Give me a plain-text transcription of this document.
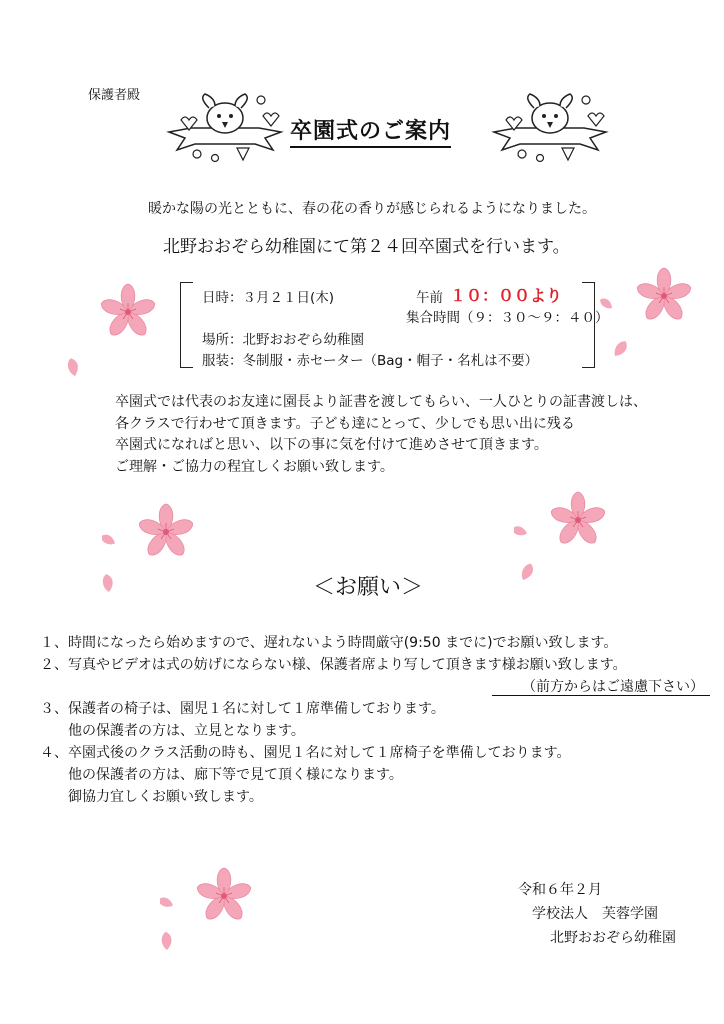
保護者殿
卒園式のご案内
暖かな陽の光とともに、春の花の香りが感じられるようになりました。
北野おおぞら幼稚園にて第２４回卒園式を行います。
日時：３月２１日(木)	午前 １０：００より
集合時間（９：３０〜９：４０）
場所：北野おおぞら幼稚園
服装：冬制服・赤セーター（Bag・帽子・名札は不要）
卒園式では代表のお友達に園長より証書を渡してもらい、一人ひとりの証書渡しは、
各クラスで行わせて頂きます。子ども達にとって、少しでも思い出に残る
卒園式になればと思い、以下の事に気を付けて進めさせて頂きます。
ご理解・ご協力の程宜しくお願い致します。
＜お願い＞
１、時間になったら始めますので、遅れないよう時間厳守(9:50 までに)でお願い致します。
２、写真やビデオは式の妨げにならない様、保護者席より写して頂きます様お願い致します。
（前方からはご遠慮下さい）
３、保護者の椅子は、園児１名に対して１席準備しております。
他の保護者の方は、立見となります。
４、卒園式後のクラス活動の時も、園児１名に対して１席椅子を準備しております。
他の保護者の方は、廊下等で見て頂く様になります。
御協力宜しくお願い致します。
令和６年２月
学校法人　芙蓉学園
北野おおぞら幼稚園
